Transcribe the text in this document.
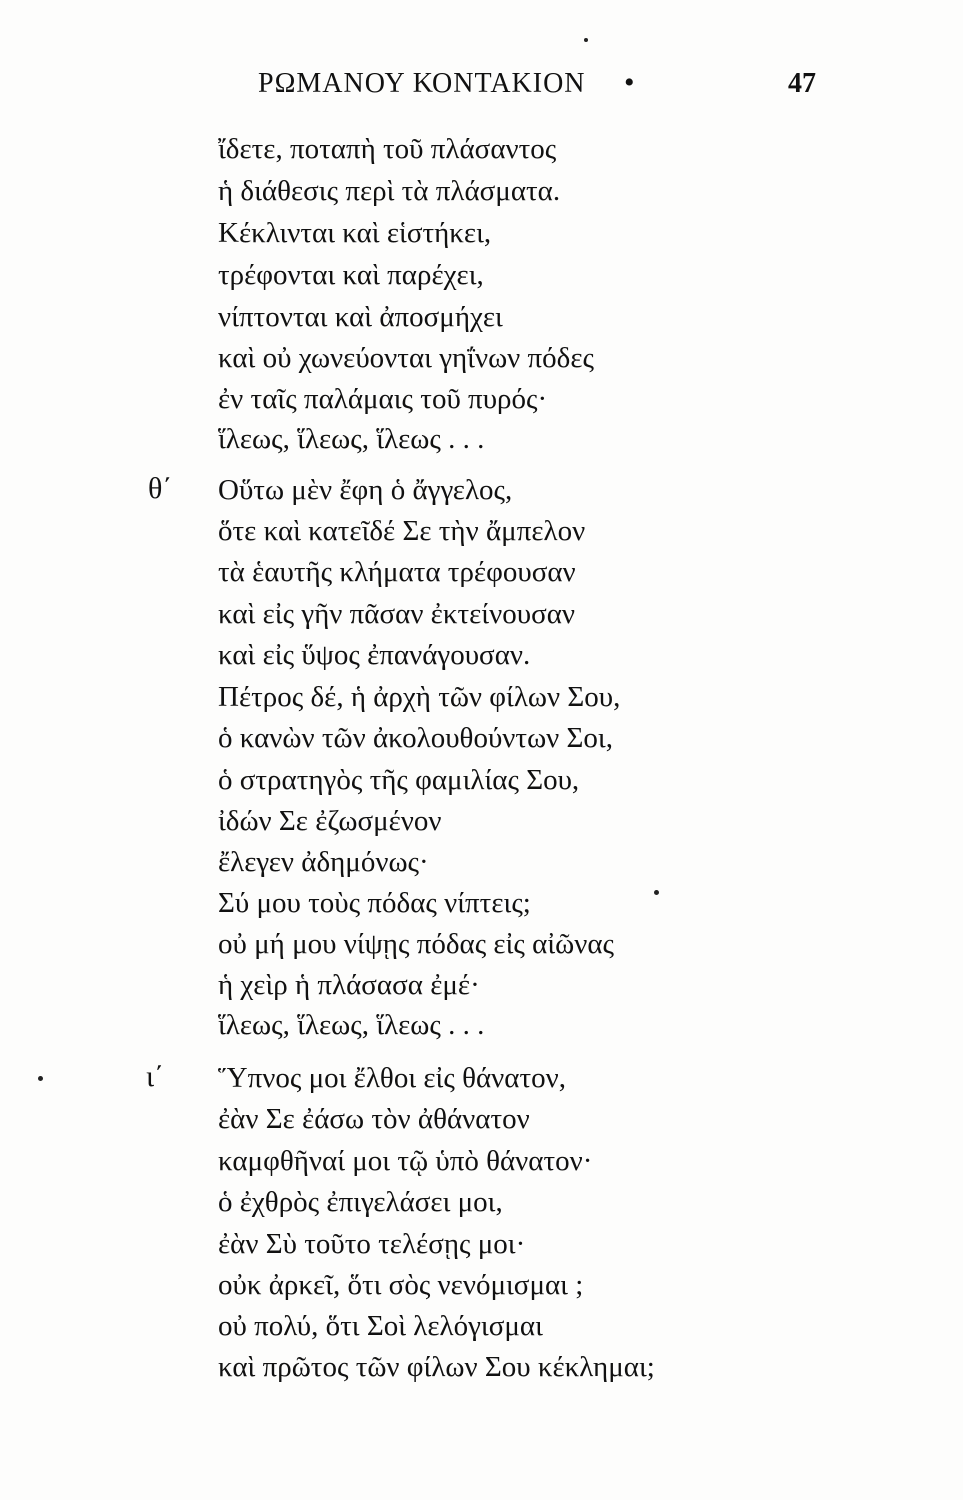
ΡΩΜΑΝΟΥ ΚΟΝΤΑΚΙΟΝ •	47
ἴδετε, ποταπὴ τοῦ πλάσαντος
ἡ διάθεσις περὶ τὰ πλάσματα.
Κέκλινται καὶ εἱστήκει,
τρέφονται καὶ παρέχει,
νίπτονται καὶ ἀποσμήχει
καὶ οὐ χωνεύονται γηΐνων πόδες
ἐν ταῖς παλάμαις τοῦ πυρός·
ἵλεως, ἵλεως, ἵλεως . . .
θ΄ Οὕτω μὲν ἔφη ὁ ἄγγελος,
ὅτε καὶ κατεῖδέ Σε τὴν ἄμπελον
τὰ ἑαυτῆς κλήματα τρέφουσαν
καὶ εἰς γῆν πᾶσαν ἐκτείνουσαν
καὶ εἰς ὕψος ἐπανάγουσαν.
Πέτρος δέ, ἡ ἀρχὴ τῶν φίλων Σου,
ὁ κανὼν τῶν ἀκολουθούντων Σοι,
ὁ στρατηγὸς τῆς φαμιλίας Σου,
ἰδών Σε ἐζωσμένον
ἔλεγεν ἀδημόνως·
Σύ μου τοὺς πόδας νίπτεις;
οὐ μή μου νίψῃς πόδας εἰς αἰῶνας
ἡ χεὶρ ἡ πλάσασα ἐμέ·
ἵλεως, ἵλεως, ἵλεως . . .
ι΄ Ὕπνος μοι ἔλθοι εἰς θάνατον,
ἐὰν Σε ἐάσω τὸν ἀθάνατον
καμφθῆναί μοι τῷ ὑπὸ θάνατον·
ὁ ἐχθρὸς ἐπιγελάσει μοι,
ἐὰν Σὺ τοῦτο τελέσῃς μοι·
οὐκ ἀρκεῖ, ὅτι σὸς νενόμισμαι ;
οὐ πολύ, ὅτι Σοὶ λελόγισμαι
καὶ πρῶτος τῶν φίλων Σου κέκλημαι;
